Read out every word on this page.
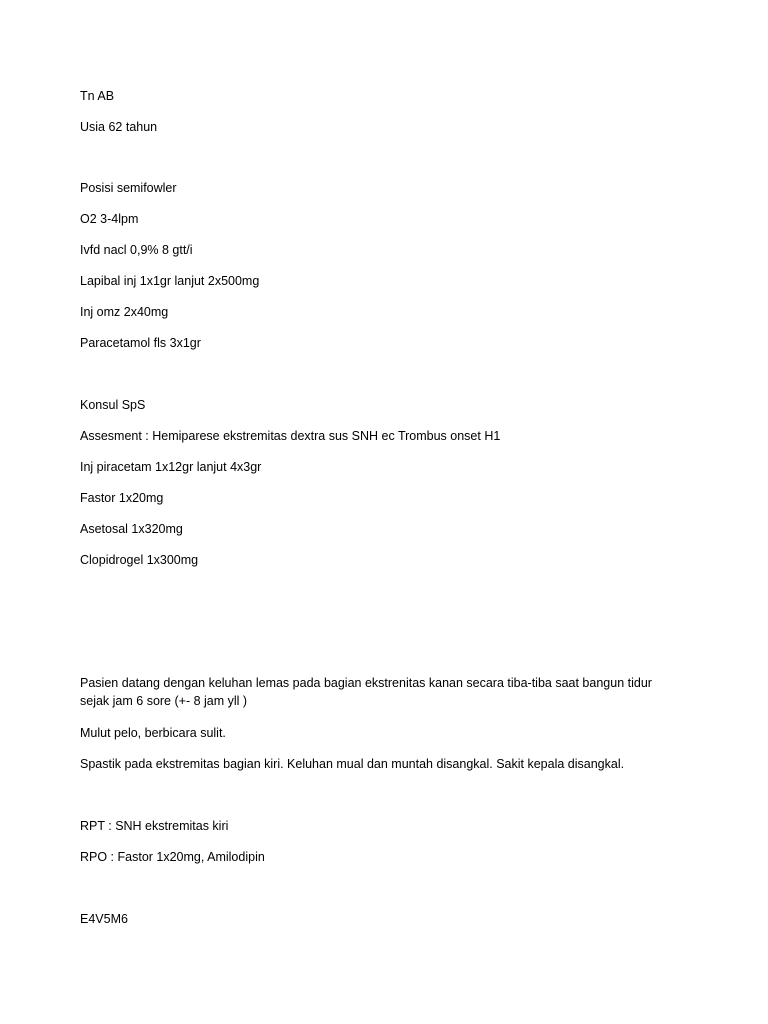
Tn AB
Usia 62 tahun
Posisi semifowler
O2 3-4lpm
Ivfd nacl 0,9% 8 gtt/i
Lapibal inj 1x1gr lanjut 2x500mg
Inj omz 2x40mg
Paracetamol fls 3x1gr
Konsul SpS
Assesment : Hemiparese ekstremitas dextra sus SNH ec Trombus onset H1
Inj piracetam 1x12gr lanjut 4x3gr
Fastor 1x20mg
Asetosal 1x320mg
Clopidrogel 1x300mg
Pasien datang dengan keluhan lemas pada bagian ekstrenitas kanan secara tiba-tiba saat bangun tidur sejak jam 6 sore (+- 8 jam yll )
Mulut pelo, berbicara sulit.
Spastik pada ekstremitas bagian kiri. Keluhan mual dan muntah disangkal. Sakit kepala disangkal.
RPT : SNH ekstremitas kiri
RPO : Fastor 1x20mg, Amilodipin
E4V5M6
